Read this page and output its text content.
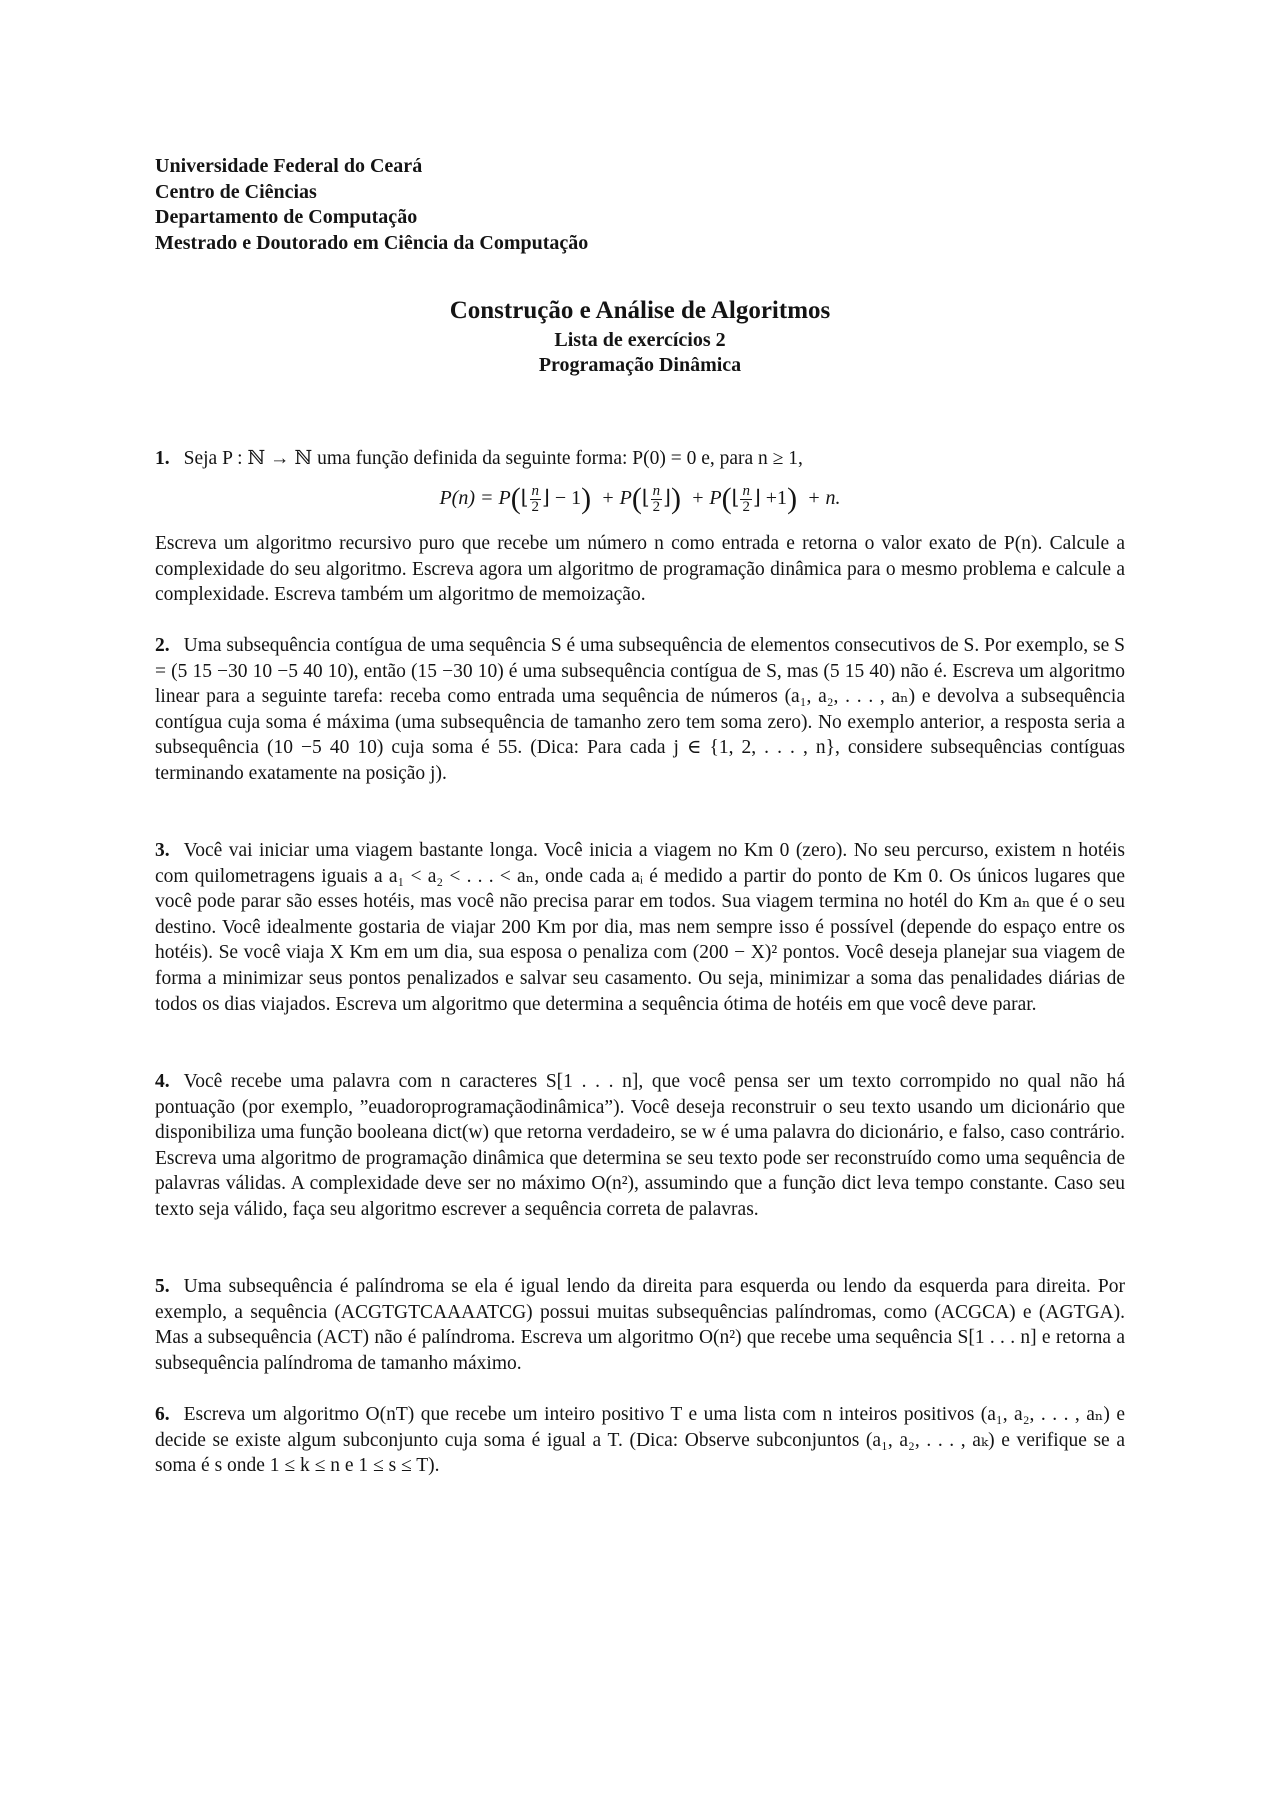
Universidade Federal do Ceará
Centro de Ciências
Departamento de Computação
Mestrado e Doutorado em Ciência da Computação
Construção e Análise de Algoritmos
Lista de exercícios 2
Programação Dinâmica
1. Seja P : ℕ → ℕ uma função definida da seguinte forma: P(0) = 0 e, para n ≥ 1,
P(n) = P(⌊ $\frac{n}{2}$ ⌋ − 1) + P(⌊ $\frac{n}{2}$ ⌋) + P(⌊ $\frac{n}{2}$ ⌋ +1) + n.
Escreva um algoritmo recursivo puro que recebe um número n como entrada e retorna o valor exato de P(n). Calcule a complexidade do seu algoritmo. Escreva agora um algoritmo de programação dinâmica para o mesmo problema e calcule a complexidade. Escreva também um algoritmo de memoização.
2. Uma subsequência contígua de uma sequência S é uma subsequência de elementos consecutivos de S. Por exemplo, se S = (5 15 −30 10 −5 40 10), então (15 −30 10) é uma subsequência contígua de S, mas (5 15 40) não é. Escreva um algoritmo linear para a seguinte tarefa: receba como entrada uma sequência de números (a₁, a₂, . . . , aₙ) e devolva a subsequência contígua cuja soma é máxima (uma subsequência de tamanho zero tem soma zero). No exemplo anterior, a resposta seria a subsequência (10 −5 40 10) cuja soma é 55. (Dica: Para cada j ∈ {1, 2, . . . , n}, considere subsequências contíguas terminando exatamente na posição j).
3. Você vai iniciar uma viagem bastante longa. Você inicia a viagem no Km 0 (zero). No seu percurso, existem n hotéis com quilometragens iguais a a₁ < a₂ < . . . < aₙ, onde cada aᵢ é medido a partir do ponto de Km 0. Os únicos lugares que você pode parar são esses hotéis, mas você não precisa parar em todos. Sua viagem termina no hotél do Km aₙ que é o seu destino. Você idealmente gostaria de viajar 200 Km por dia, mas nem sempre isso é possível (depende do espaço entre os hotéis). Se você viaja X Km em um dia, sua esposa o penaliza com (200 − X)² pontos. Você deseja planejar sua viagem de forma a minimizar seus pontos penalizados e salvar seu casamento. Ou seja, minimizar a soma das penalidades diárias de todos os dias viajados. Escreva um algoritmo que determina a sequência ótima de hotéis em que você deve parar.
4. Você recebe uma palavra com n caracteres S[1 . . . n], que você pensa ser um texto corrompido no qual não há pontuação (por exemplo, ”euadoroprogramaçãodinâmica”). Você deseja reconstruir o seu texto usando um dicionário que disponibiliza uma função booleana dict(w) que retorna verdadeiro, se w é uma palavra do dicionário, e falso, caso contrário. Escreva uma algoritmo de programação dinâmica que determina se seu texto pode ser reconstruído como uma sequência de palavras válidas. A complexidade deve ser no máximo O(n²), assumindo que a função dict leva tempo constante. Caso seu texto seja válido, faça seu algoritmo escrever a sequência correta de palavras.
5. Uma subsequência é palíndroma se ela é igual lendo da direita para esquerda ou lendo da esquerda para direita. Por exemplo, a sequência (ACGTGTCAAAATCG) possui muitas subsequências palíndromas, como (ACGCA) e (AGTGA). Mas a subsequência (ACT) não é palíndroma. Escreva um algoritmo O(n²) que recebe uma sequência S[1 . . . n] e retorna a subsequência palíndroma de tamanho máximo.
6. Escreva um algoritmo O(nT) que recebe um inteiro positivo T e uma lista com n inteiros positivos (a₁, a₂, . . . , aₙ) e decide se existe algum subconjunto cuja soma é igual a T. (Dica: Observe subconjuntos (a₁, a₂, . . . , aₖ) e verifique se a soma é s onde 1 ≤ k ≤ n e 1 ≤ s ≤ T).
